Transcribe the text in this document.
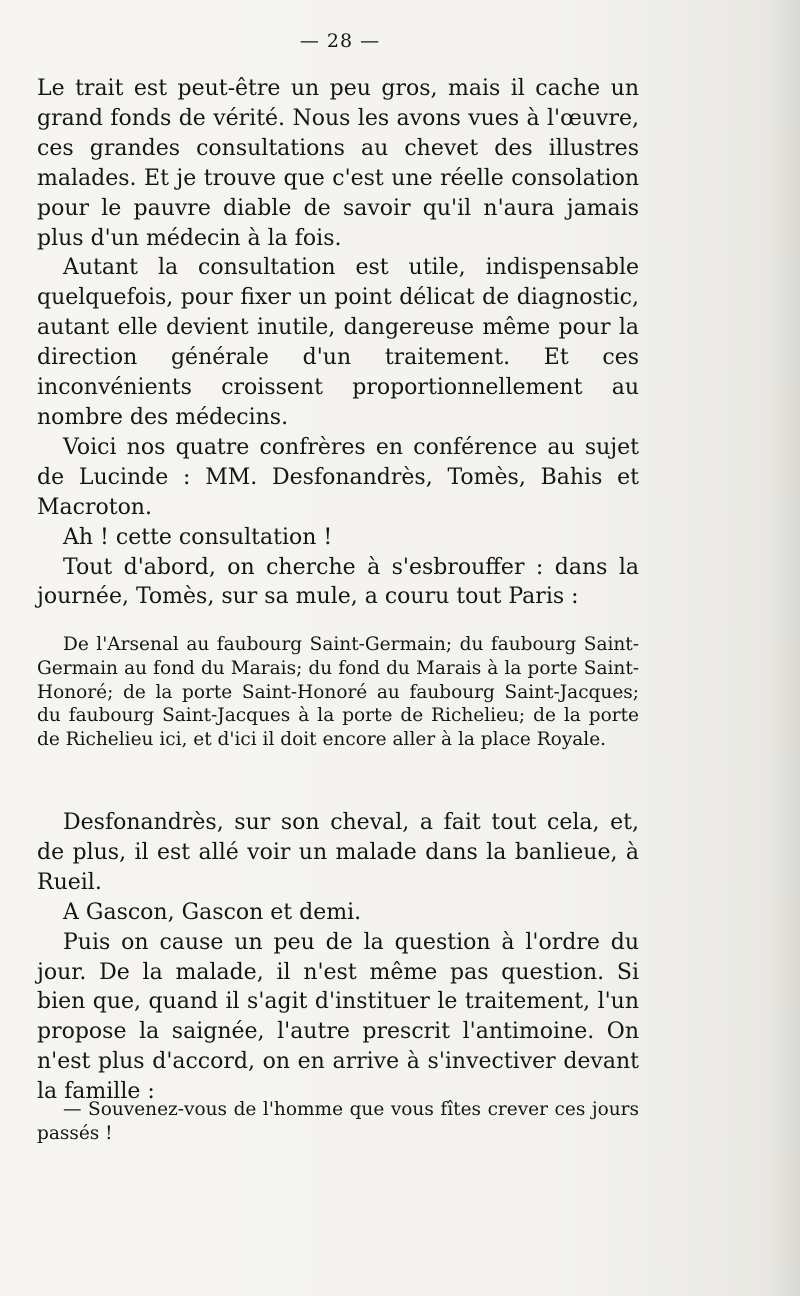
— 28 —

Le trait est peut-être un peu gros, mais il cache un grand fonds de vérité. Nous les avons vues à l'œuvre, ces grandes consultations au chevet des illustres malades. Et je trouve que c'est une réelle consolation pour le pauvre diable de savoir qu'il n'aura jamais plus d'un médecin à la fois.

Autant la consultation est utile, indispensable quelquefois, pour fixer un point délicat de diagnostic, autant elle devient inutile, dangereuse même pour la direction générale d'un traitement. Et ces inconvénients croissent proportionnellement au nombre des médecins.

Voici nos quatre confrères en conférence au sujet de Lucinde : MM. Desfonandrès, Tomès, Bahis et Macroton.

Ah ! cette consultation !

Tout d'abord, on cherche à s'esbrouffer : dans la journée, Tomès, sur sa mule, a couru tout Paris :

De l'Arsenal au faubourg Saint-Germain; du faubourg Saint-Germain au fond du Marais; du fond du Marais à la porte Saint-Honoré; de la porte Saint-Honoré au faubourg Saint-Jacques; du faubourg Saint-Jacques à la porte de Richelieu; de la porte de Richelieu ici, et d'ici il doit encore aller à la place Royale.

Desfonandrès, sur son cheval, a fait tout cela, et, de plus, il est allé voir un malade dans la banlieue, à Rueil.

A Gascon, Gascon et demi.

Puis on cause un peu de la question à l'ordre du jour. De la malade, il n'est même pas question. Si bien que, quand il s'agit d'instituer le traitement, l'un propose la saignée, l'autre prescrit l'antimoine. On n'est plus d'accord, on en arrive à s'invectiver devant la famille :

— Souvenez-vous de l'homme que vous fîtes crever ces jours passés !
